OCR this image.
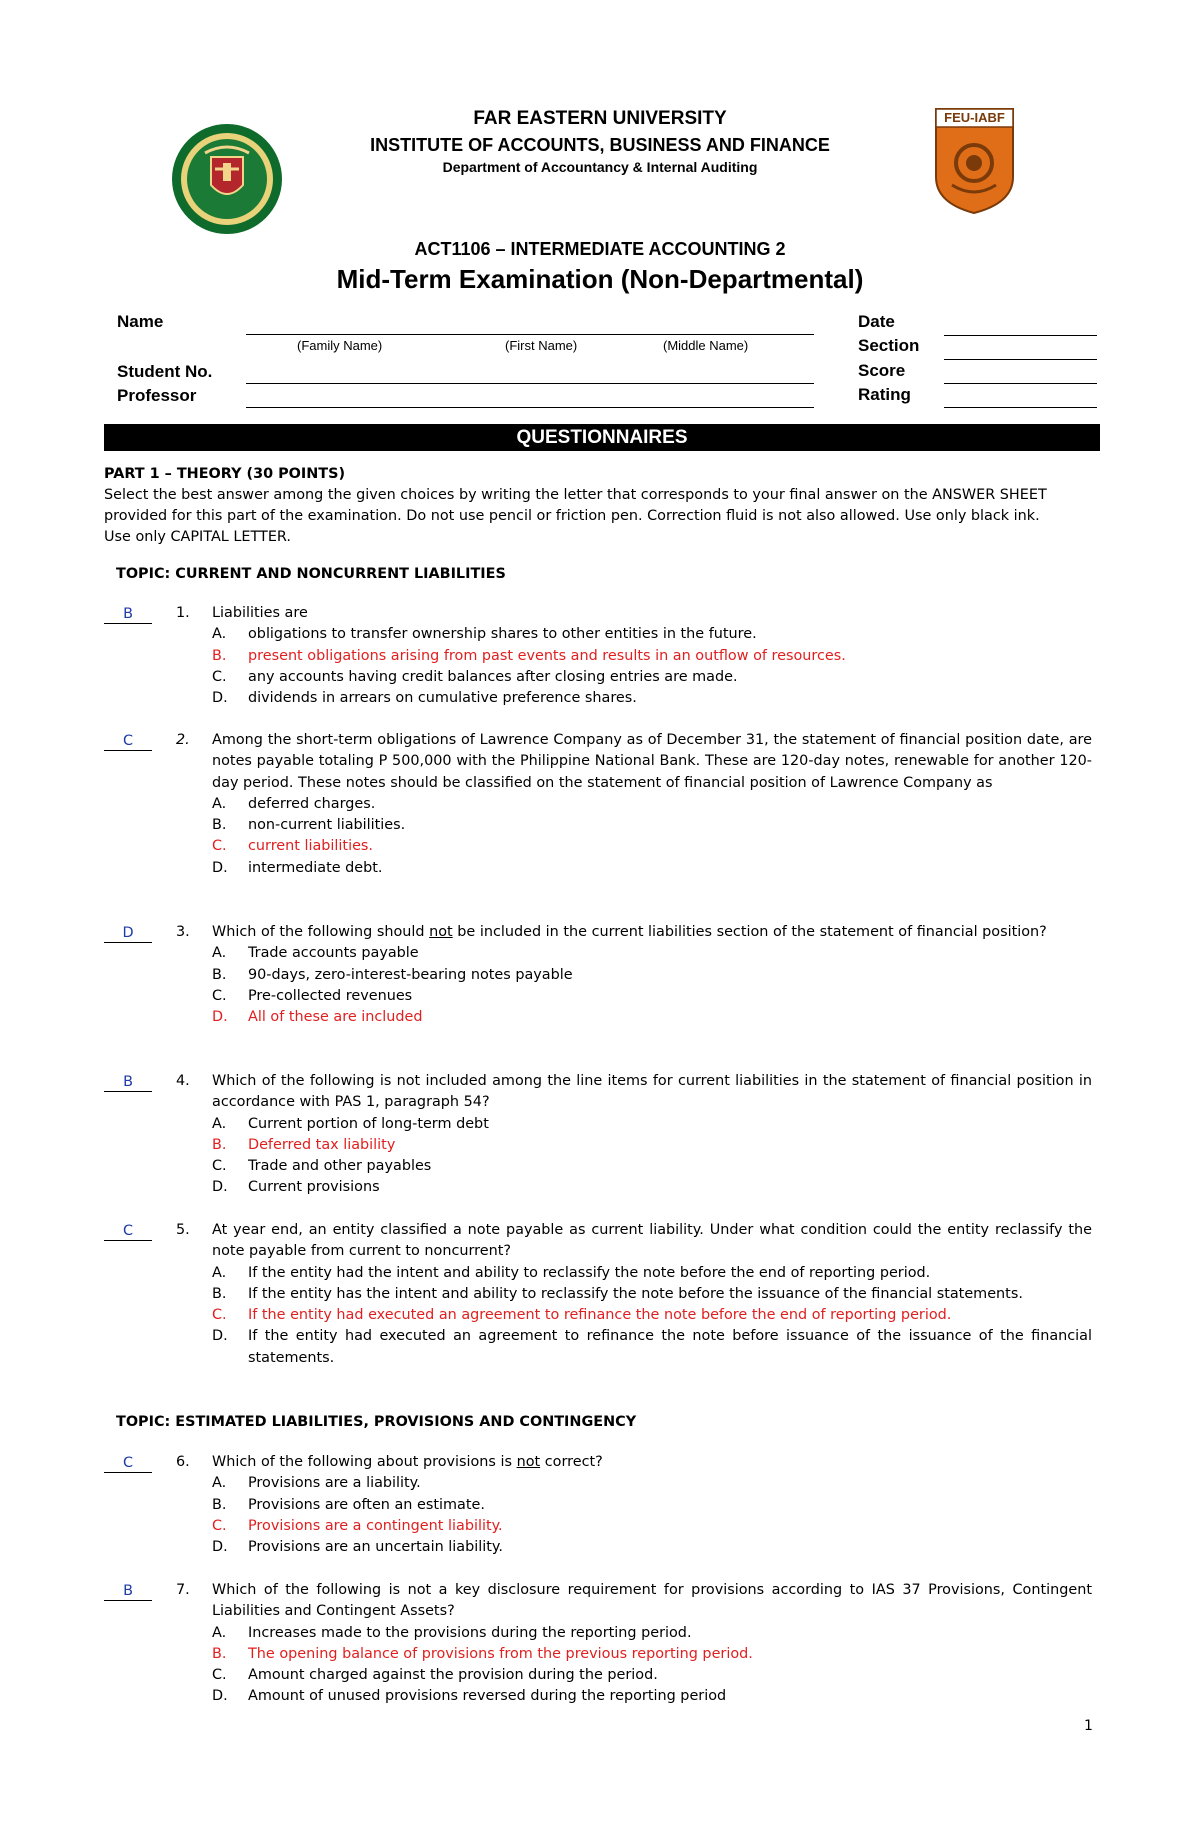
FEU-IABF
FAR EASTERN UNIVERSITY
INSTITUTE OF ACCOUNTS, BUSINESS AND FINANCE
Department of Accountancy & Internal Auditing
ACT1106 – INTERMEDIATE ACCOUNTING 2
Mid-Term Examination (Non-Departmental)
Name
(Family Name)	(First Name)	(Middle Name)
Student No.
Professor
Date
Section
Score
Rating
QUESTIONNAIRES
PART 1 – THEORY (30 POINTS)
Select the best answer among the given choices by writing the letter that corresponds to your final answer on the ANSWER SHEET provided for this part of the examination. Do not use pencil or friction pen. Correction fluid is not also allowed. Use only black ink. Use only CAPITAL LETTER.
TOPIC: CURRENT AND NONCURRENT LIABILITIES
B	1.	Liabilities are
A. obligations to transfer ownership shares to other entities in the future.
B. present obligations arising from past events and results in an outflow of resources.
C. any accounts having credit balances after closing entries are made.
D. dividends in arrears on cumulative preference shares.
C	2.	Among the short-term obligations of Lawrence Company as of December 31, the statement of financial position date, are notes payable totaling P 500,000 with the Philippine National Bank. These are 120-day notes, renewable for another 120-day period. These notes should be classified on the statement of financial position of Lawrence Company as
A. deferred charges.
B. non-current liabilities.
C. current liabilities.
D. intermediate debt.
D	3.	Which of the following should not be included in the current liabilities section of the statement of financial position?
A. Trade accounts payable
B. 90-days, zero-interest-bearing notes payable
C. Pre-collected revenues
D. All of these are included
B	4.	Which of the following is not included among the line items for current liabilities in the statement of financial position in accordance with PAS 1, paragraph 54?
A. Current portion of long-term debt
B. Deferred tax liability
C. Trade and other payables
D. Current provisions
C	5.	At year end, an entity classified a note payable as current liability. Under what condition could the entity reclassify the note payable from current to noncurrent?
A. If the entity had the intent and ability to reclassify the note before the end of reporting period.
B. If the entity has the intent and ability to reclassify the note before the issuance of the financial statements.
C. If the entity had executed an agreement to refinance the note before the end of reporting period.
D. If the entity had executed an agreement to refinance the note before issuance of the issuance of the financial statements.
TOPIC: ESTIMATED LIABILITIES, PROVISIONS AND CONTINGENCY
C	6.	Which of the following about provisions is not correct?
A. Provisions are a liability.
B. Provisions are often an estimate.
C. Provisions are a contingent liability.
D. Provisions are an uncertain liability.
B	7.	Which of the following is not a key disclosure requirement for provisions according to IAS 37 Provisions, Contingent Liabilities and Contingent Assets?
A. Increases made to the provisions during the reporting period.
B. The opening balance of provisions from the previous reporting period.
C. Amount charged against the provision during the period.
D. Amount of unused provisions reversed during the reporting period
1
